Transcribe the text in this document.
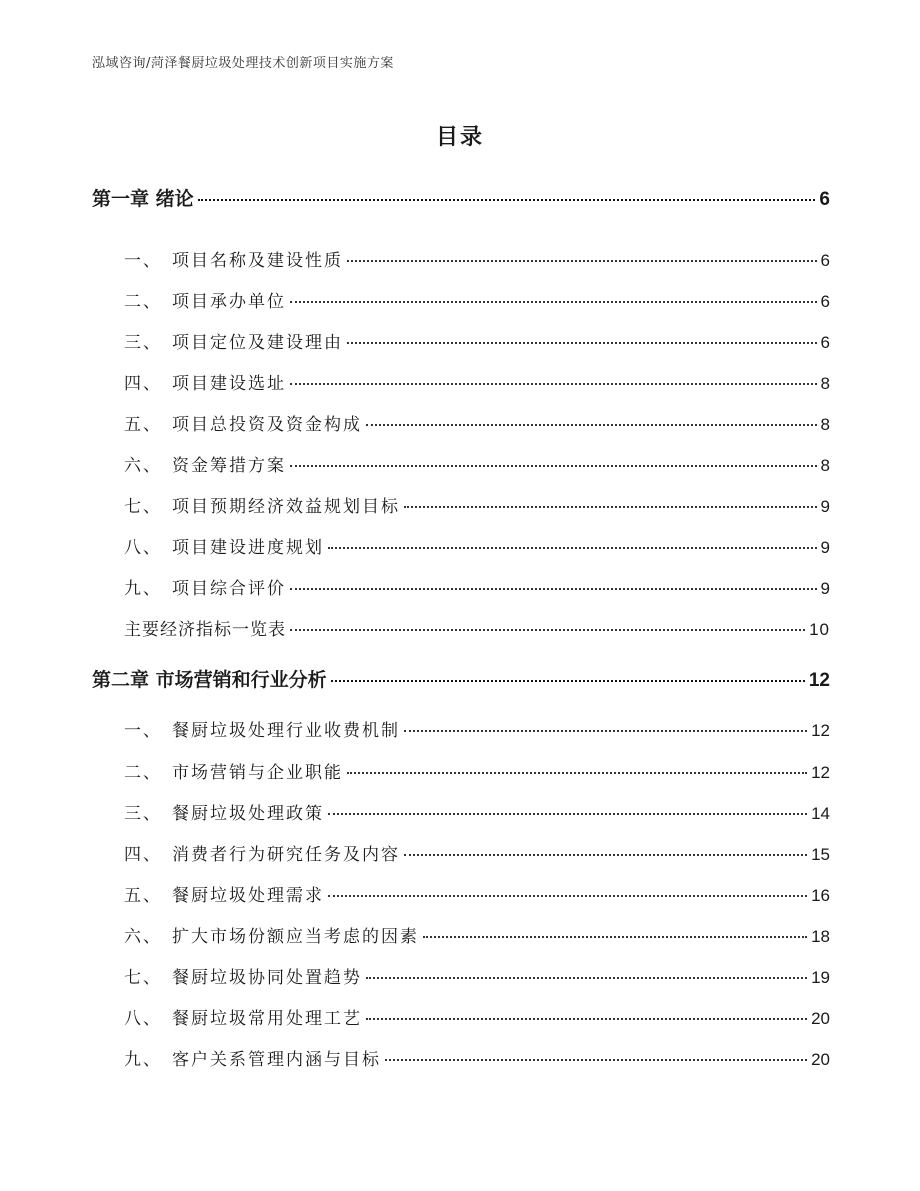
泓域咨询/菏泽餐厨垃圾处理技术创新项目实施方案
目录
第一章 绪论	6
一、 项目名称及建设性质	6
二、 项目承办单位	6
三、 项目定位及建设理由	6
四、 项目建设选址	8
五、 项目总投资及资金构成	8
六、 资金筹措方案	8
七、 项目预期经济效益规划目标	9
八、 项目建设进度规划	9
九、 项目综合评价	9
主要经济指标一览表	10
第二章 市场营销和行业分析	12
一、 餐厨垃圾处理行业收费机制	12
二、 市场营销与企业职能	12
三、 餐厨垃圾处理政策	14
四、 消费者行为研究任务及内容	15
五、 餐厨垃圾处理需求	16
六、 扩大市场份额应当考虑的因素	18
七、 餐厨垃圾协同处置趋势	19
八、 餐厨垃圾常用处理工艺	20
九、 客户关系管理内涵与目标	20
